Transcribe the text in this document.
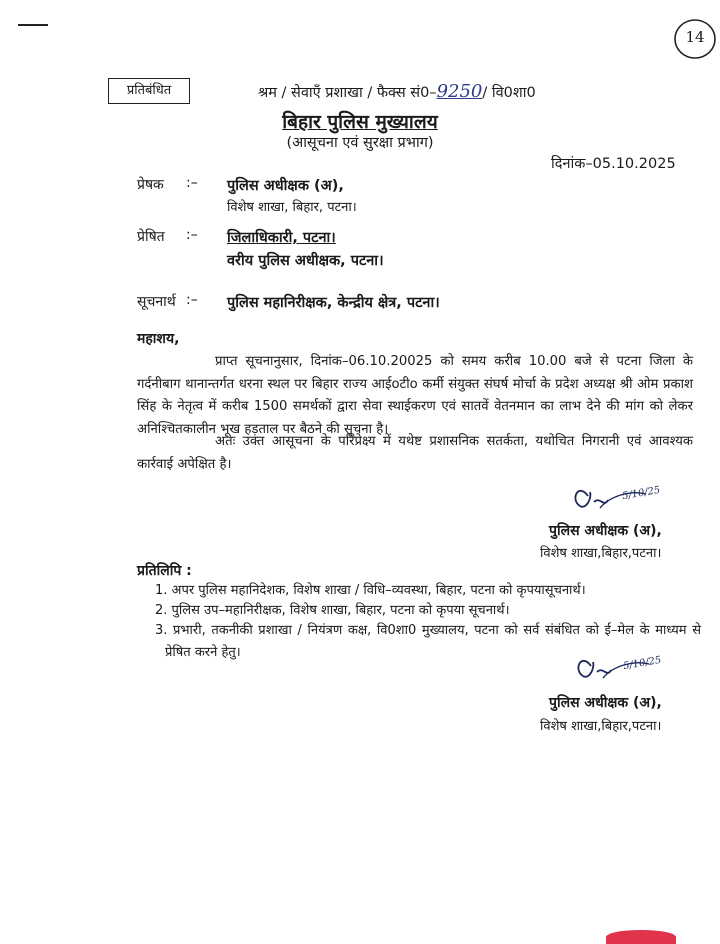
14
प्रतिबंधित	श्रम / सेवाएँ प्रशाखा / फैक्स सं0–9250/ वि0शा0
बिहार पुलिस मुख्यालय
(आसूचना एवं सुरक्षा प्रभाग)
दिनांक–05.10.2025
प्रेषक :– पुलिस अधीक्षक (अ),
विशेष शाखा, बिहार, पटना।
प्रेषित :– जिलाधिकारी, पटना।
वरीय पुलिस अधीक्षक, पटना।
सूचनार्थ :– पुलिस महानिरीक्षक, केन्द्रीय क्षेत्र, पटना।
महाशय,
प्राप्त सूचनानुसार, दिनांक–06.10.20025 को समय करीब 10.00 बजे से पटना जिला के गर्दनीबाग थानान्तर्गत धरना स्थल पर बिहार राज्य आईoटीo कर्मी संयुक्त संघर्ष मोर्चा के प्रदेश अध्यक्ष श्री ओम प्रकाश सिंह के नेतृत्व में करीब 1500 समर्थकों द्वारा सेवा स्थाईकरण एवं सातवें वेतनमान का लाभ देने की मांग को लेकर अनिश्चितकालीन भूख हड़ताल पर बैठने की सूचना है।
अतः उक्त आसूचना के परिप्रेक्ष्य में यथेष्ट प्रशासनिक सतर्कता, यथोचित निगरानी एवं आवश्यक कार्रवाई अपेक्षित है।
5/10/25
पुलिस अधीक्षक (अ),
विशेष शाखा,बिहार,पटना।
प्रतिलिपि :
1. अपर पुलिस महानिदेशक, विशेष शाखा / विधि–व्यवस्था, बिहार, पटना को कृपयासूचनार्थ।
2. पुलिस उप–महानिरीक्षक, विशेष शाखा, बिहार, पटना को कृपया सूचनार्थ।
3. प्रभारी, तकनीकी प्रशाखा / नियंत्रण कक्ष, वि0शा0 मुख्यालय, पटना को सर्व संबंधित को ई–मेल के माध्यम से प्रेषित करने हेतु।
5/10/25
पुलिस अधीक्षक (अ),
विशेष शाखा,बिहार,पटना।
